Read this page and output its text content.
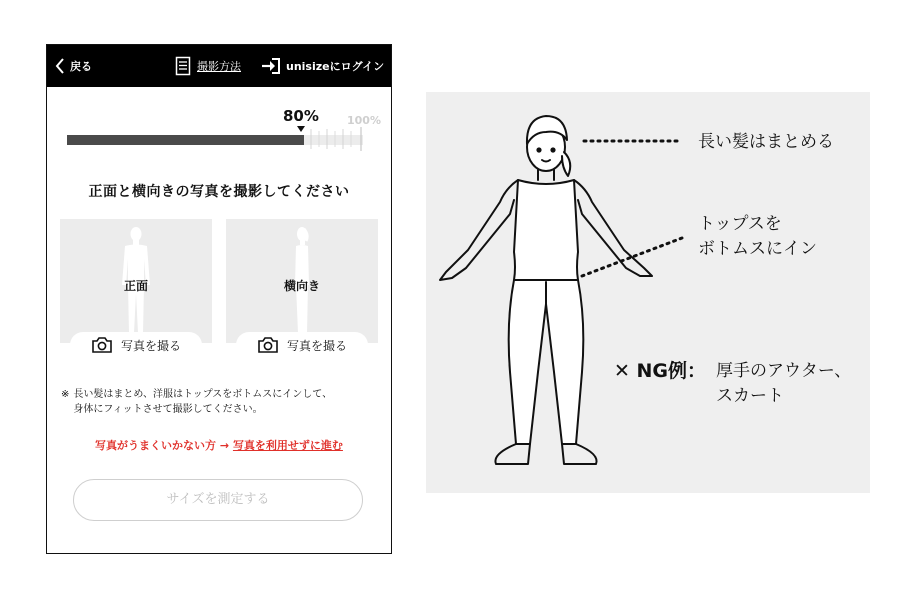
戻る	撮影方法	unisizeにログイン
80%	100%
正面と横向きの写真を撮影してください
正面
写真を撮る
横向き
写真を撮る
※ 長い髪はまとめ、洋服はトップスをボトムスにインして、
身体にフィットさせて撮影してください。
写真がうまくいかない方 → 写真を利用せずに進む
サイズを測定する
長い髪はまとめる
トップスを
ボトムスにイン
✕ NG例： 厚手のアウター、
スカート
